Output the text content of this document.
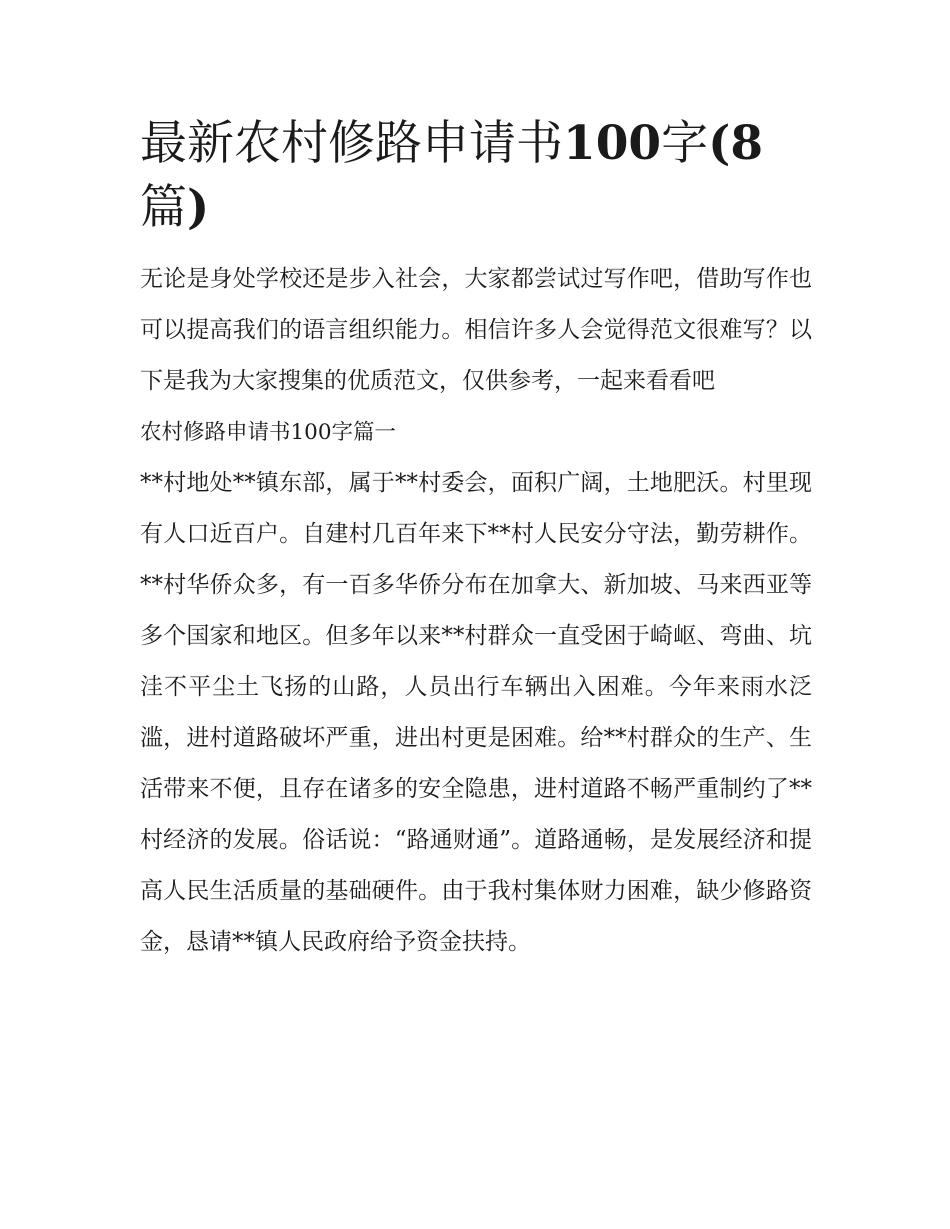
最新农村修路申请书100字(8篇)

无论是身处学校还是步入社会，大家都尝试过写作吧，借助写作也可以提高我们的语言组织能力。相信许多人会觉得范文很难写？以下是我为大家搜集的优质范文，仅供参考，一起来看看吧

农村修路申请书100字篇一

**村地处**镇东部，属于**村委会，面积广阔，土地肥沃。村里现有人口近百户。自建村几百年来下**村人民安分守法，勤劳耕作。**村华侨众多，有一百多华侨分布在加拿大、新加坡、马来西亚等多个国家和地区。但多年以来**村群众一直受困于崎岖、弯曲、坑洼不平尘土飞扬的山路，人员出行车辆出入困难。今年来雨水泛滥，进村道路破坏严重，进出村更是困难。给**村群众的生产、生活带来不便，且存在诸多的安全隐患，进村道路不畅严重制约了**村经济的发展。俗话说：“路通财通”。道路通畅，是发展经济和提高人民生活质量的基础硬件。由于我村集体财力困难，缺少修路资金，恳请**镇人民政府给予资金扶持。
